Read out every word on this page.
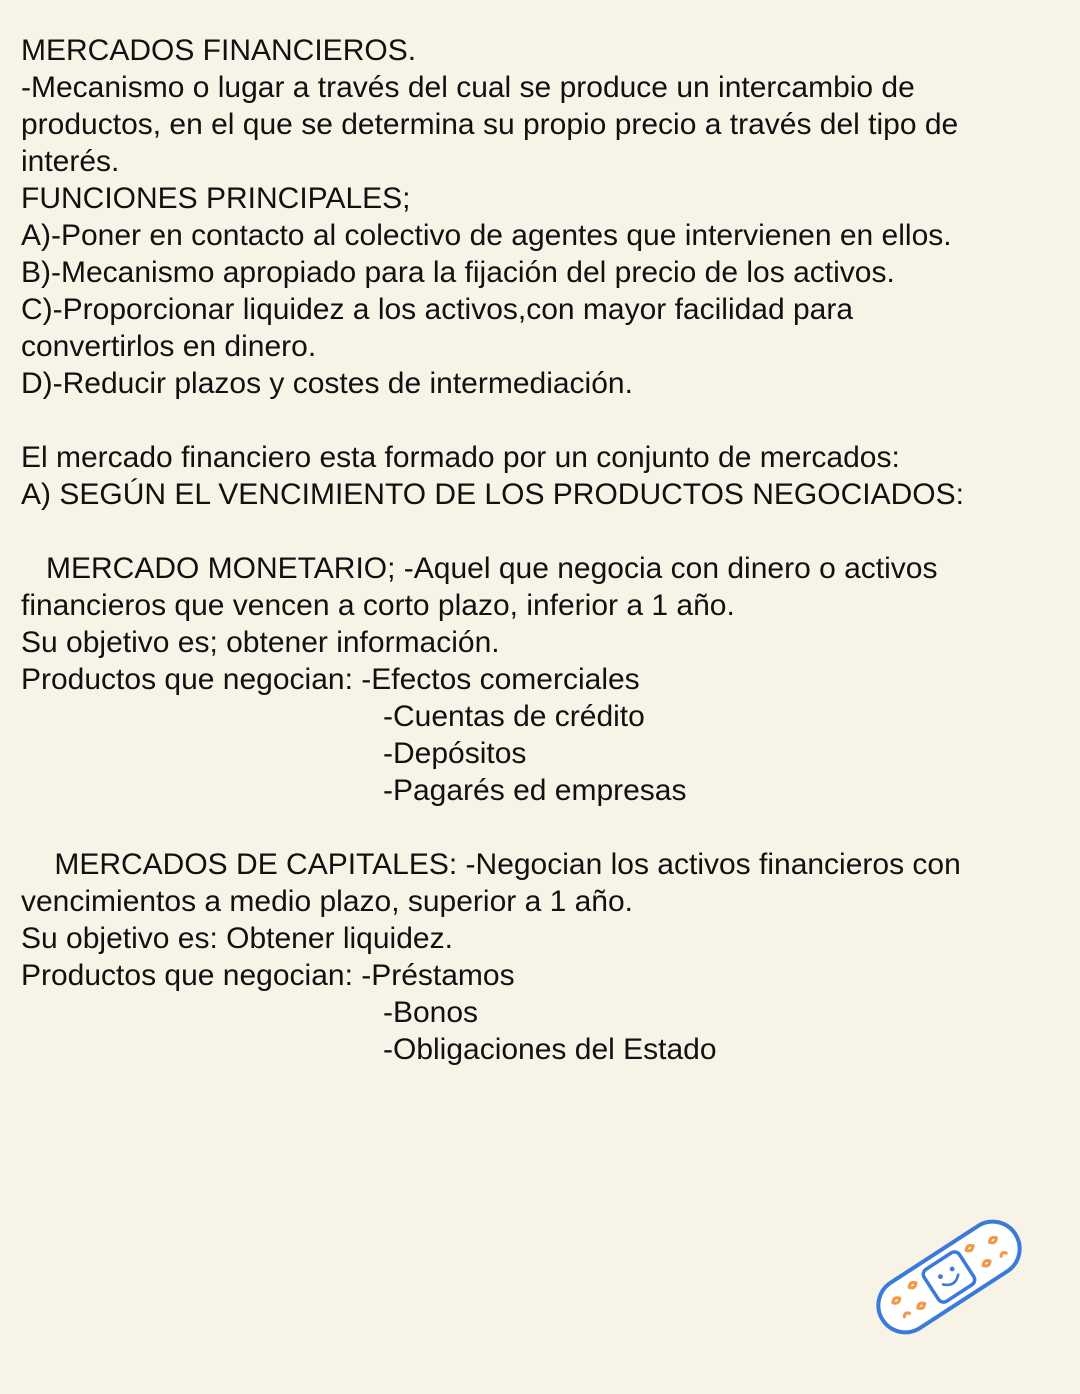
MERCADOS FINANCIEROS.
-Mecanismo o lugar a través del cual se produce un intercambio de
productos, en el que se determina su propio precio a través del tipo de
interés.
FUNCIONES PRINCIPALES;
A)-Poner en contacto al colectivo de agentes que intervienen en ellos.
B)-Mecanismo apropiado para la fijación del precio de los activos.
C)-Proporcionar liquidez a los activos,con mayor facilidad para
convertirlos en dinero.
D)-Reducir plazos y costes de intermediación.
El mercado financiero esta formado por un conjunto de mercados:
A) SEGÚN EL VENCIMIENTO DE LOS PRODUCTOS NEGOCIADOS:
MERCADO MONETARIO; -Aquel que negocia con dinero o activos
financieros que vencen a corto plazo, inferior a 1 año.
Su objetivo es; obtener información.
Productos que negocian: -Efectos comerciales
-Cuentas de crédito
-Depósitos
-Pagarés ed empresas
MERCADOS DE CAPITALES: -Negocian los activos financieros con
vencimientos a medio plazo, superior a 1 año.
Su objetivo es: Obtener liquidez.
Productos que negocian: -Préstamos
-Bonos
-Obligaciones del Estado
